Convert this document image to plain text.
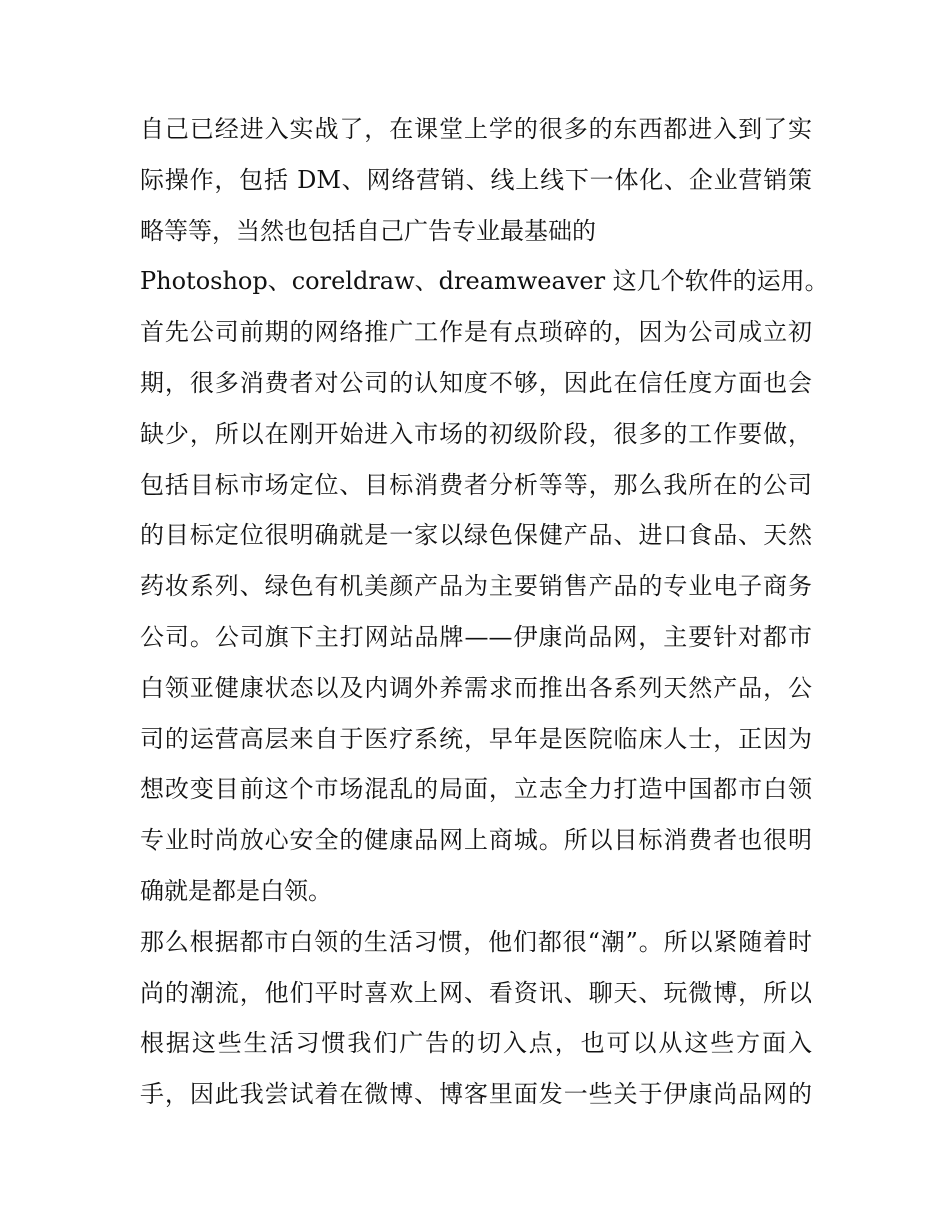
自己已经进入实战了，在课堂上学的很多的东西都进入到了实
际操作，包括 DM、网络营销、线上线下一体化、企业营销策
略等等，当然也包括自己广告专业最基础的
Photoshop、coreldraw、dreamweaver 这几个软件的运用。
首先公司前期的网络推广工作是有点琐碎的，因为公司成立初
期，很多消费者对公司的认知度不够，因此在信任度方面也会
缺少，所以在刚开始进入市场的初级阶段，很多的工作要做，
包括目标市场定位、目标消费者分析等等，那么我所在的公司
的目标定位很明确就是一家以绿色保健产品、进口食品、天然
药妆系列、绿色有机美颜产品为主要销售产品的专业电子商务
公司。公司旗下主打网站品牌——伊康尚品网，主要针对都市
白领亚健康状态以及内调外养需求而推出各系列天然产品，公
司的运营高层来自于医疗系统，早年是医院临床人士，正因为
想改变目前这个市场混乱的局面，立志全力打造中国都市白领
专业时尚放心安全的健康品网上商城。所以目标消费者也很明
确就是都是白领。
那么根据都市白领的生活习惯，他们都很“潮”。所以紧随着时
尚的潮流，他们平时喜欢上网、看资讯、聊天、玩微博，所以
根据这些生活习惯我们广告的切入点，也可以从这些方面入
手，因此我尝试着在微博、博客里面发一些关于伊康尚品网的
